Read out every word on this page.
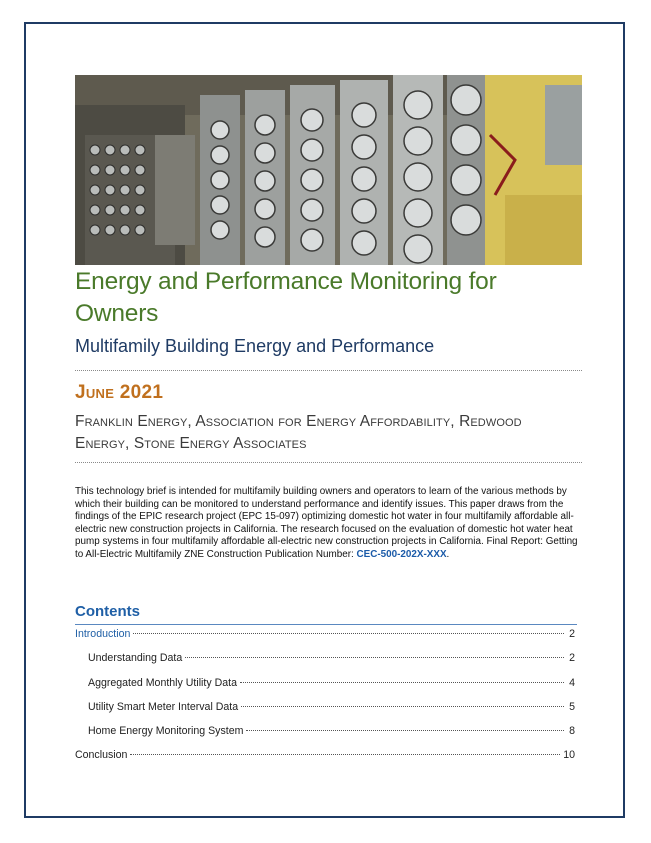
Energy and Performance Monitoring for Owners
Multifamily Building Energy and Performance
June 2021
Franklin Energy, Association for Energy Affordability, Redwood Energy, Stone Energy Associates
This technology brief is intended for multifamily building owners and operators to learn of the various methods by which their building can be monitored to understand performance and identify issues. This paper draws from the findings of the EPIC research project (EPC 15-097) optimizing domestic hot water in four multifamily affordable all-electric new construction projects in California. The research focused on the evaluation of domestic hot water heat pump systems in four multifamily affordable all-electric new construction projects in California. Final Report: Getting to All-Electric Multifamily ZNE Construction Publication Number: CEC-500-202X-XXX.
Contents
Introduction	2
Understanding Data	2
Aggregated Monthly Utility Data	4
Utility Smart Meter Interval Data	5
Home Energy Monitoring System	8
Conclusion	10
